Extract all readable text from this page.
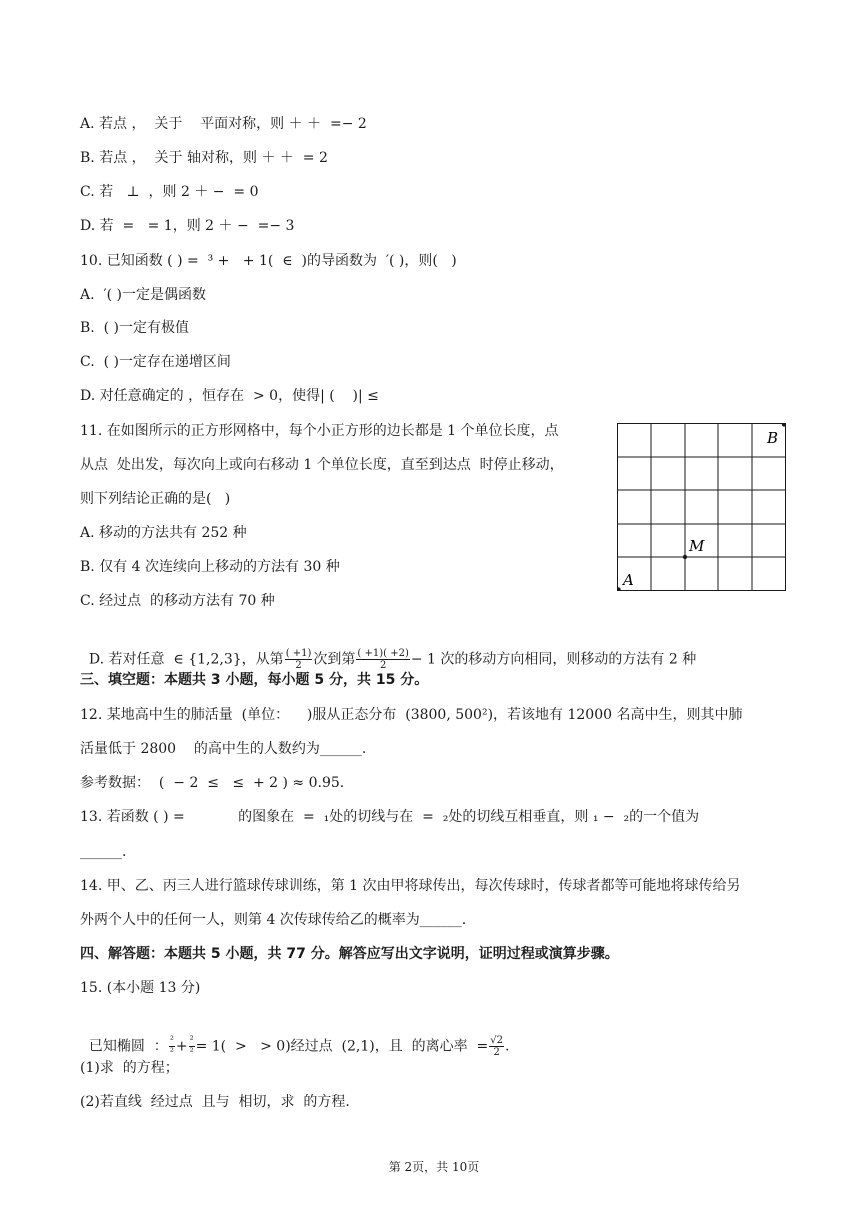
A. 若点 ，  关于    平面对称，则 ＋ ＋  =− 2
B. 若点 ，  关于 轴对称，则 ＋ ＋  = 2
C. 若   ⊥  ，则 2 ＋ −  = 0
D. 若  =   = 1，则 2 ＋ −  =− 3
10. 已知函数 ( ) =  ³ +   + 1(  ∈  )的导函数为  ′( )，则(   )
A.  ′( )一定是偶函数
B.  ( )一定有极值
C.  ( )一定存在递增区间
D. 对任意确定的 ，恒存在  > 0，使得| (    )| ≤
11. 在如图所示的正方形网格中，每个小正方形的边长都是 1 个单位长度，点
从点  处出发，每次向上或向右移动 1 个单位长度，直至到达点  时停止移动，
则下列结论正确的是(   )
A. 移动的方法共有 252 种
B. 仅有 4 次连续向上移动的方法有 30 种
C. 经过点  的移动方法有 70 种

D. 若对任意  ∈ {1,2,3}，从第 $\frac{( +1)}{2}$ 次到第 $\frac{( +1)( +2)}{2} - 1$ 次的移动方向相同，则移动的方法有 2 种

A
B
M
三、填空题：本题共 3 小题，每小题 5 分，共 15 分。
12. 某地高中生的肺活量  (单位：    )服从正态分布  (3800, 500²)，若该地有 12000 名高中生，则其中肺
活量低于 2800    的高中生的人数约为______.
参考数据：  (  − 2  ≤   ≤  + 2 ) ≈ 0.95.
13. 若函数 ( ) =            的图象在  =  ₁处的切线与在  =  ₂处的切线互相垂直，则 ₁ −  ₂的一个值为
______.
14. 甲、乙、丙三人进行篮球传球训练，第 1 次由甲将球传出，每次传球时，传球者都等可能地将球传给另
外两个人中的任何一人，则第 4 次传球传给乙的概率为______.
四、解答题：本题共 5 小题，共 77 分。解答应写出文字说明，证明过程或演算步骤。
15. (本小题 13 分)

已知椭圆  ： $\frac{\text{²}}{\text{²}} + \frac{\text{²}}{\text{²}} = 1$(  >   > 0)经过点  (2,1)，且  的离心率  = $\frac{√2}{2}$ .

(1)求  的方程；
(2)若直线  经过点  且与  相切，求  的方程.
第 2页，共 10页
